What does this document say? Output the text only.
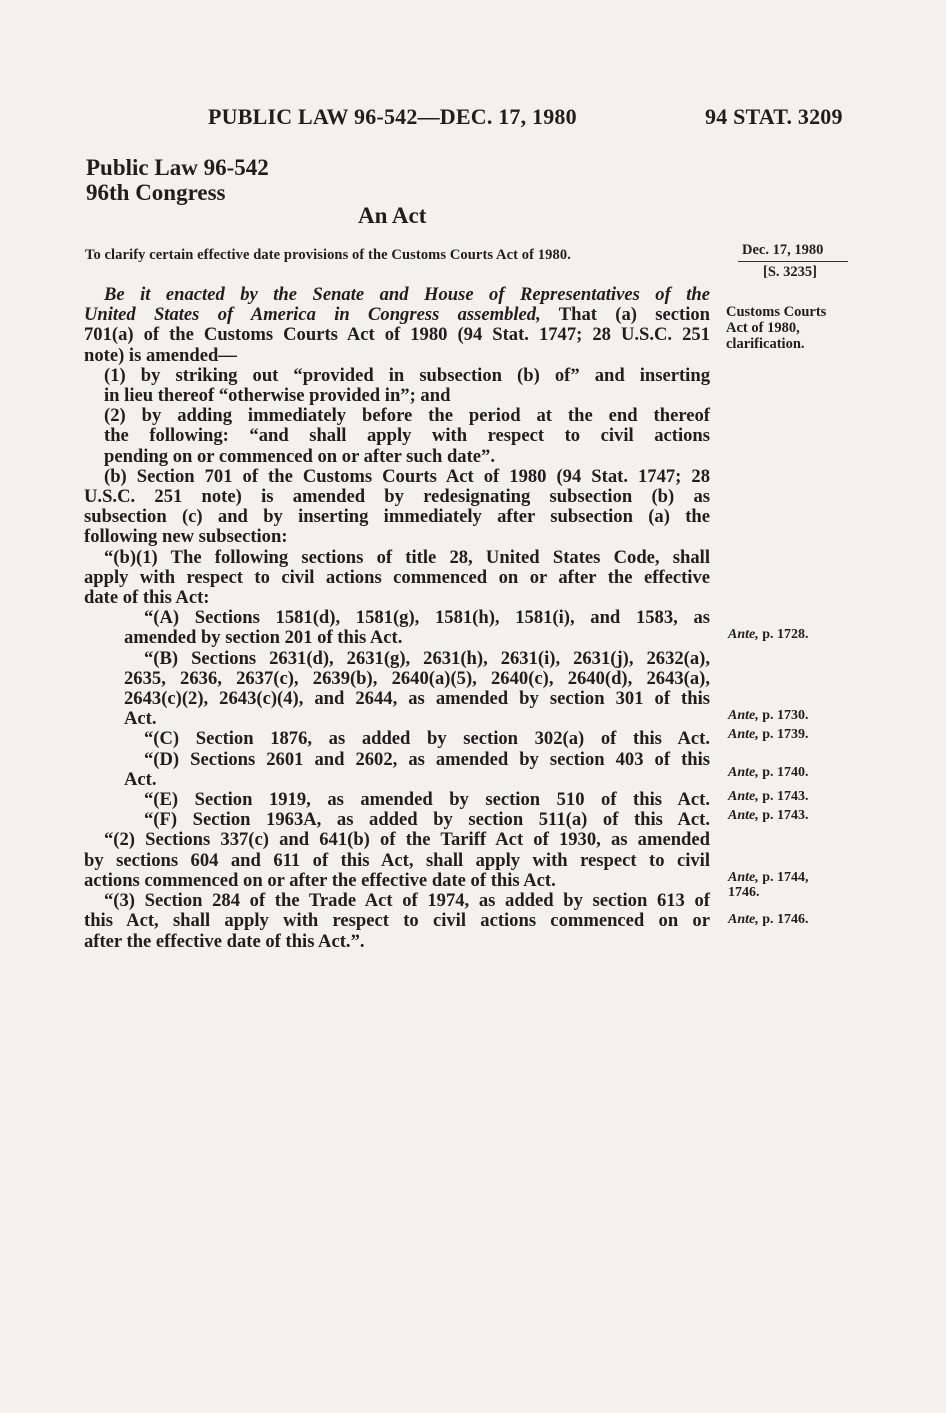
PUBLIC LAW 96-542—DEC. 17, 1980	94 STAT. 3209
Public Law 96-542
96th Congress
An Act
To clarify certain effective date provisions of the Customs Courts Act of 1980.	Dec. 17, 1980
[S. 3235]
Customs Courts
Act of 1980,
clarification.
Ante, p. 1728.
Ante, p. 1730.
Ante, p. 1739.
Ante, p. 1740.
Ante, p. 1743.
Ante, p. 1743.
Ante, p. 1744,
1746.
Ante, p. 1746.

Be it enacted by the Senate and House of Representatives of the

United States of America in Congress assembled, That (a) section

701(a) of the Customs Courts Act of 1980 (94 Stat. 1747; 28 U.S.C. 251

note) is amended—

(1) by striking out “provided in subsection (b) of” and inserting

in lieu thereof “otherwise provided in”; and

(2) by adding immediately before the period at the end thereof

the following: “and shall apply with respect to civil actions

pending on or commenced on or after such date”.

(b) Section 701 of the Customs Courts Act of 1980 (94 Stat. 1747; 28

U.S.C. 251 note) is amended by redesignating subsection (b) as

subsection (c) and by inserting immediately after subsection (a) the

following new subsection:

“(b)(1) The following sections of title 28, United States Code, shall

apply with respect to civil actions commenced on or after the effective

date of this Act:

“(A) Sections 1581(d), 1581(g), 1581(h), 1581(i), and 1583, as

amended by section 201 of this Act.

“(B) Sections 2631(d), 2631(g), 2631(h), 2631(i), 2631(j), 2632(a),

2635, 2636, 2637(c), 2639(b), 2640(a)(5), 2640(c), 2640(d), 2643(a),

2643(c)(2), 2643(c)(4), and 2644, as amended by section 301 of this

Act.

“(C) Section 1876, as added by section 302(a) of this Act.

“(D) Sections 2601 and 2602, as amended by section 403 of this

Act.

“(E) Section 1919, as amended by section 510 of this Act.

“(F) Section 1963A, as added by section 511(a) of this Act.

“(2) Sections 337(c) and 641(b) of the Tariff Act of 1930, as amended

by sections 604 and 611 of this Act, shall apply with respect to civil

actions commenced on or after the effective date of this Act.

“(3) Section 284 of the Trade Act of 1974, as added by section 613 of

this Act, shall apply with respect to civil actions commenced on or

after the effective date of this Act.”.
